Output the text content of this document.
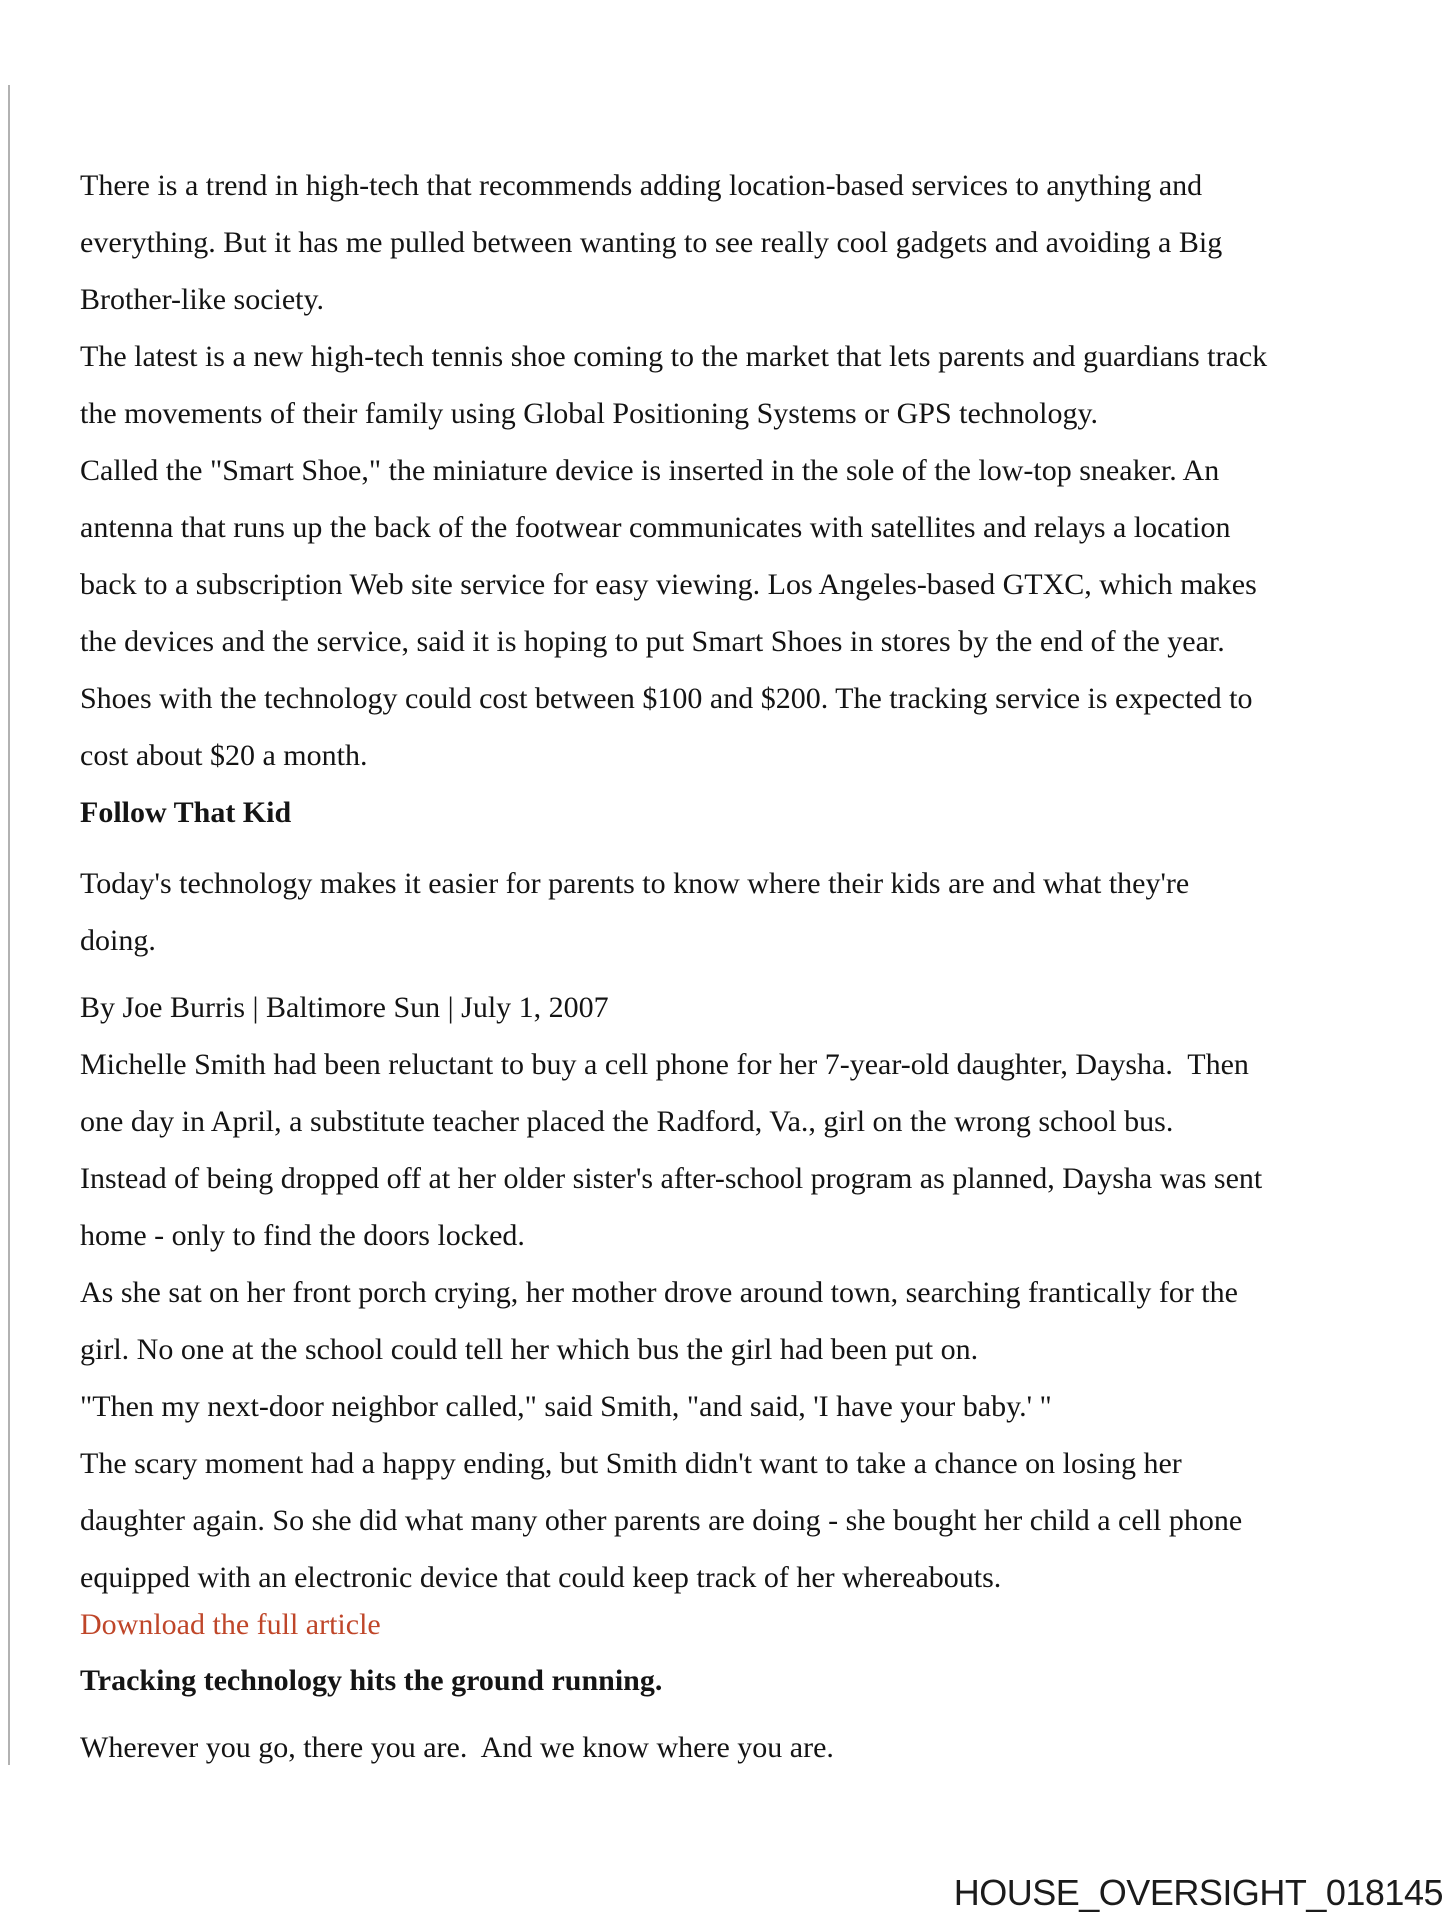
There is a trend in high-tech that recommends adding location-based services to anything and
everything. But it has me pulled between wanting to see really cool gadgets and avoiding a Big
Brother-like society.
The latest is a new high-tech tennis shoe coming to the market that lets parents and guardians track
the movements of their family using Global Positioning Systems or GPS technology.
Called the "Smart Shoe," the miniature device is inserted in the sole of the low-top sneaker. An
antenna that runs up the back of the footwear communicates with satellites and relays a location
back to a subscription Web site service for easy viewing. Los Angeles-based GTXC, which makes
the devices and the service, said it is hoping to put Smart Shoes in stores by the end of the year.
Shoes with the technology could cost between $100 and $200. The tracking service is expected to
cost about $20 a month.
Follow That Kid
Today's technology makes it easier for parents to know where their kids are and what they're
doing.
By Joe Burris | Baltimore Sun | July 1, 2007
Michelle Smith had been reluctant to buy a cell phone for her 7-year-old daughter, Daysha.  Then
one day in April, a substitute teacher placed the Radford, Va., girl on the wrong school bus.
Instead of being dropped off at her older sister's after-school program as planned, Daysha was sent
home - only to find the doors locked.
As she sat on her front porch crying, her mother drove around town, searching frantically for the
girl. No one at the school could tell her which bus the girl had been put on.
"Then my next-door neighbor called," said Smith, "and said, 'I have your baby.' "
The scary moment had a happy ending, but Smith didn't want to take a chance on losing her
daughter again. So she did what many other parents are doing - she bought her child a cell phone
equipped with an electronic device that could keep track of her whereabouts.
Download the full article
Tracking technology hits the ground running.
Wherever you go, there you are.  And we know where you are.
HOUSE_OVERSIGHT_018145
